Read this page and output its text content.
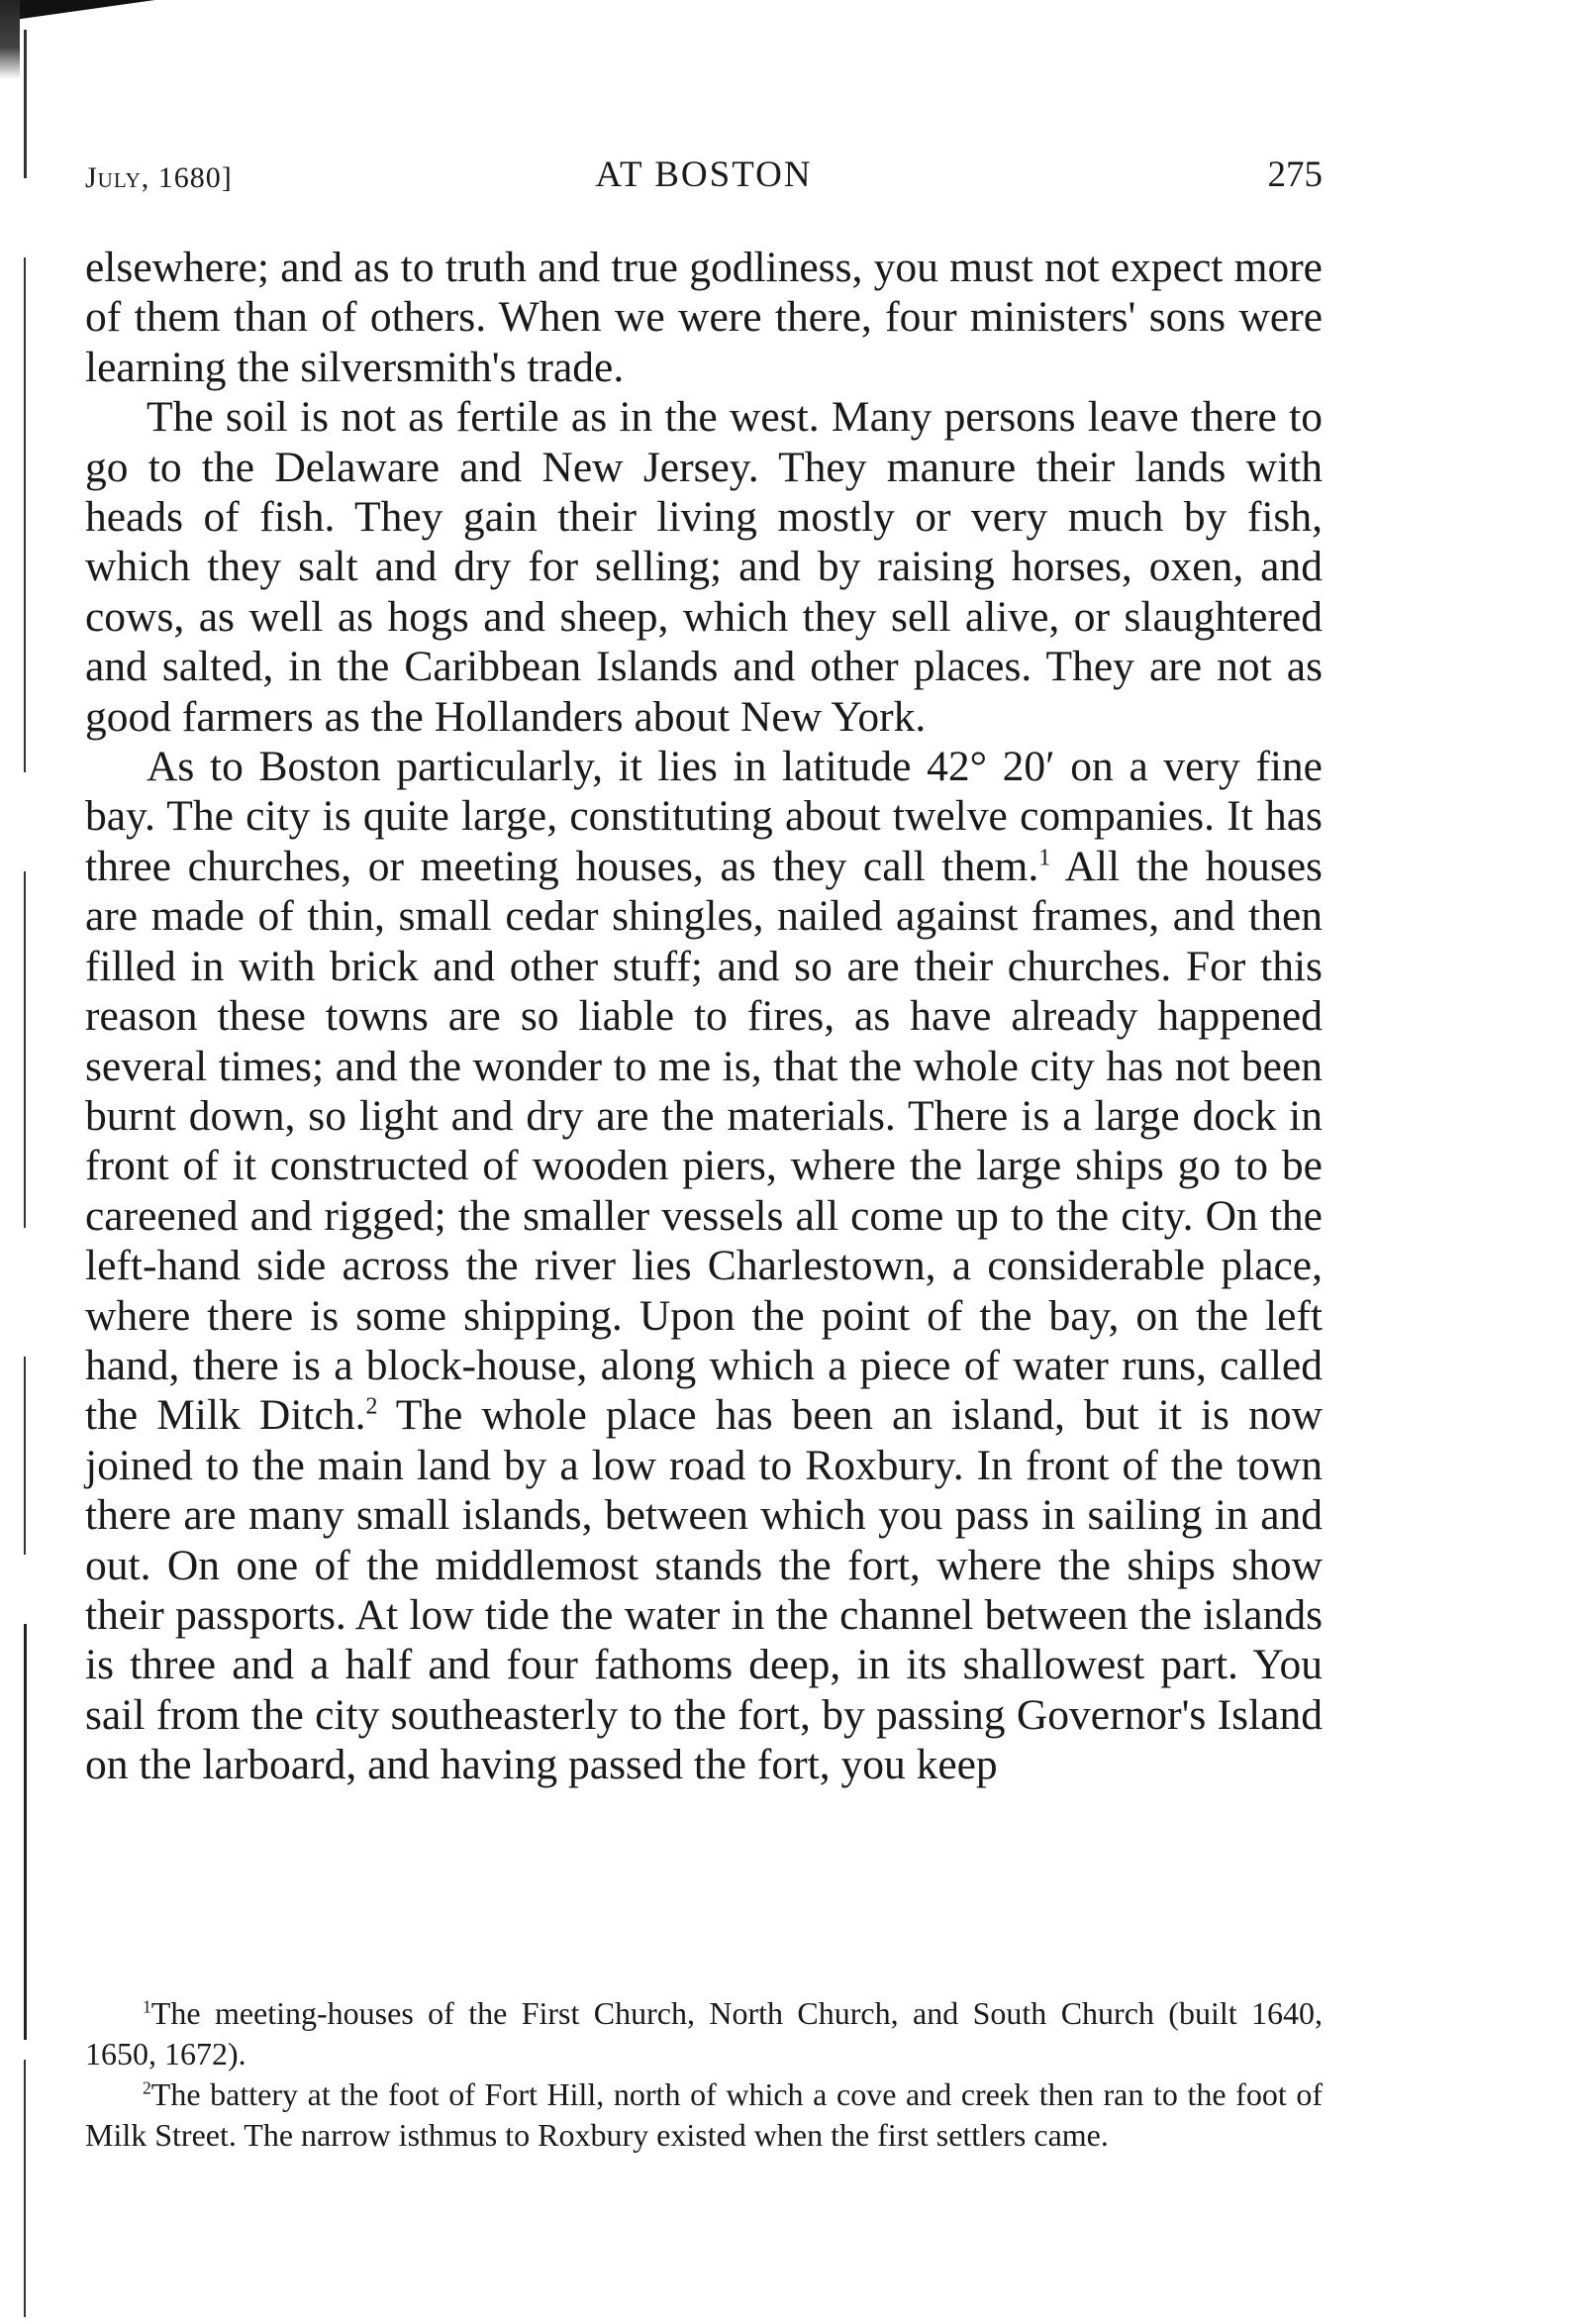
July, 1680]	AT BOSTON	275

elsewhere; and as to truth and true godliness, you must not expect more of them than of others. When we were there, four ministers' sons were learning the silversmith's trade.

The soil is not as fertile as in the west. Many persons leave there to go to the Delaware and New Jersey. They manure their lands with heads of fish. They gain their living mostly or very much by fish, which they salt and dry for selling; and by raising horses, oxen, and cows, as well as hogs and sheep, which they sell alive, or slaughtered and salted, in the Caribbean Islands and other places. They are not as good farmers as the Hollanders about New York.

As to Boston particularly, it lies in latitude 42° 20′ on a very fine bay. The city is quite large, constituting about twelve companies. It has three churches, or meeting houses, as they call them.$^1$ All the houses are made of thin, small cedar shingles, nailed against frames, and then filled in with brick and other stuff; and so are their churches. For this reason these towns are so liable to fires, as have already happened several times; and the wonder to me is, that the whole city has not been burnt down, so light and dry are the materials. There is a large dock in front of it constructed of wooden piers, where the large ships go to be careened and rigged; the smaller vessels all come up to the city. On the left-hand side across the river lies Charlestown, a considerable place, where there is some shipping. Upon the point of the bay, on the left hand, there is a block-house, along which a piece of water runs, called the Milk Ditch.$^2$ The whole place has been an island, but it is now joined to the main land by a low road to Roxbury. In front of the town there are many small islands, between which you pass in sailing in and out. On one of the middlemost stands the fort, where the ships show their passports. At low tide the water in the channel between the islands is three and a half and four fathoms deep, in its shallowest part. You sail from the city southeasterly to the fort, by passing Governor's Island on the larboard, and having passed the fort, you keep

$^1$The meeting-houses of the First Church, North Church, and South Church (built 1640, 1650, 1672).

$^2$The battery at the foot of Fort Hill, north of which a cove and creek then ran to the foot of Milk Street. The narrow isthmus to Roxbury existed when the first settlers came.
